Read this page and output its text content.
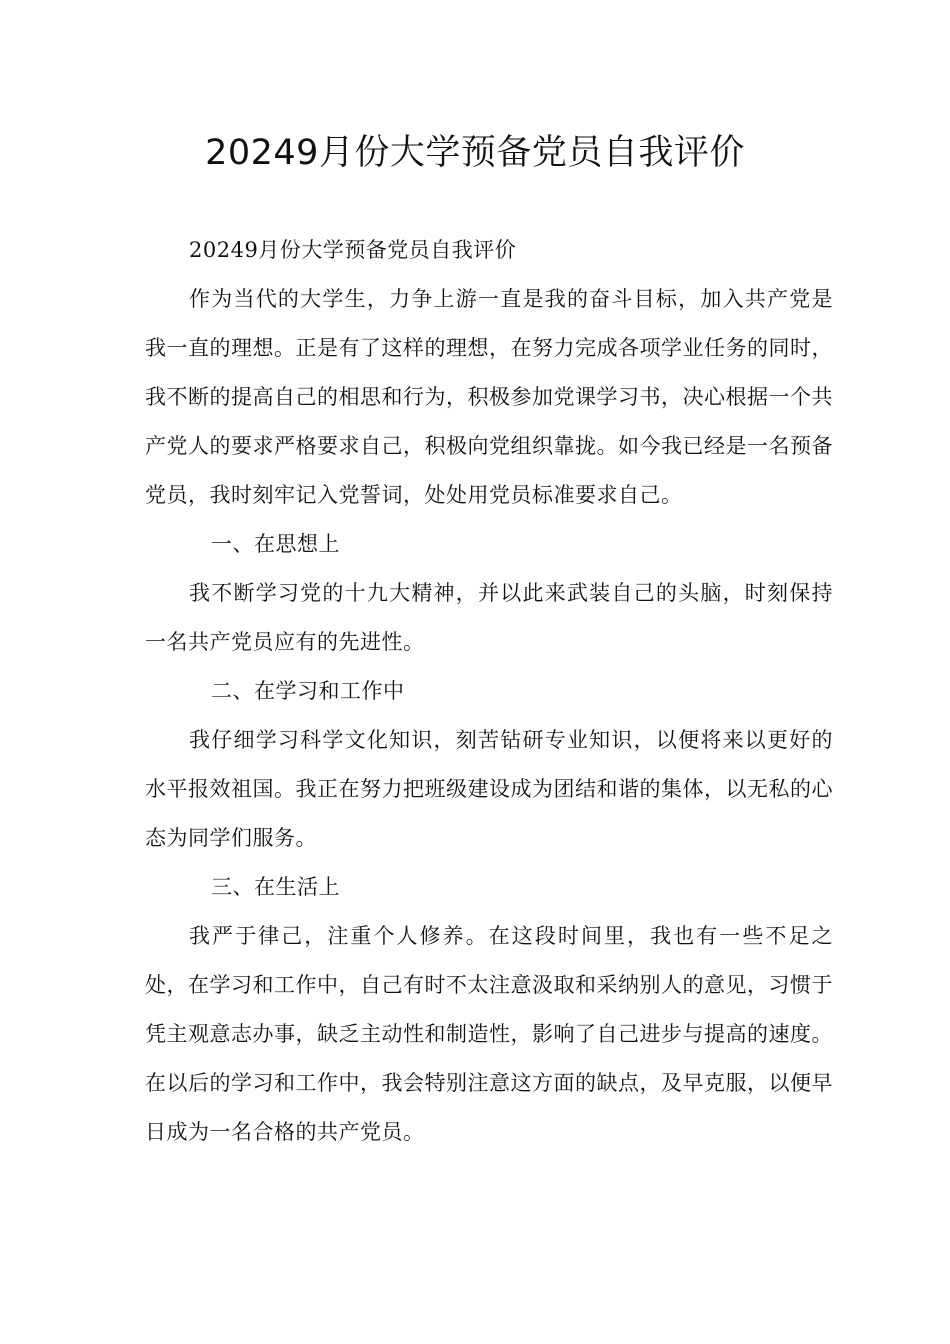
20249月份大学预备党员自我评价

20249月份大学预备党员自我评价

作为当代的大学生，力争上游一直是我的奋斗目标，加入共产党是我一直的理想。正是有了这样的理想，在努力完成各项学业任务的同时，我不断的提高自己的相思和行为，积极参加党课学习书，决心根据一个共产党人的要求严格要求自己，积极向党组织靠拢。如今我已经是一名预备党员，我时刻牢记入党誓词，处处用党员标准要求自己。

一、在思想上

我不断学习党的十九大精神，并以此来武装自己的头脑，时刻保持一名共产党员应有的先进性。

二、在学习和工作中

我仔细学习科学文化知识，刻苦钻研专业知识，以便将来以更好的水平报效祖国。我正在努力把班级建设成为团结和谐的集体，以无私的心态为同学们服务。

三、在生活上

我严于律己，注重个人修养。在这段时间里，我也有一些不足之处，在学习和工作中，自己有时不太注意汲取和采纳别人的意见，习惯于凭主观意志办事，缺乏主动性和制造性，影响了自己进步与提高的速度。在以后的学习和工作中，我会特别注意这方面的缺点，及早克服，以便早日成为一名合格的共产党员。
